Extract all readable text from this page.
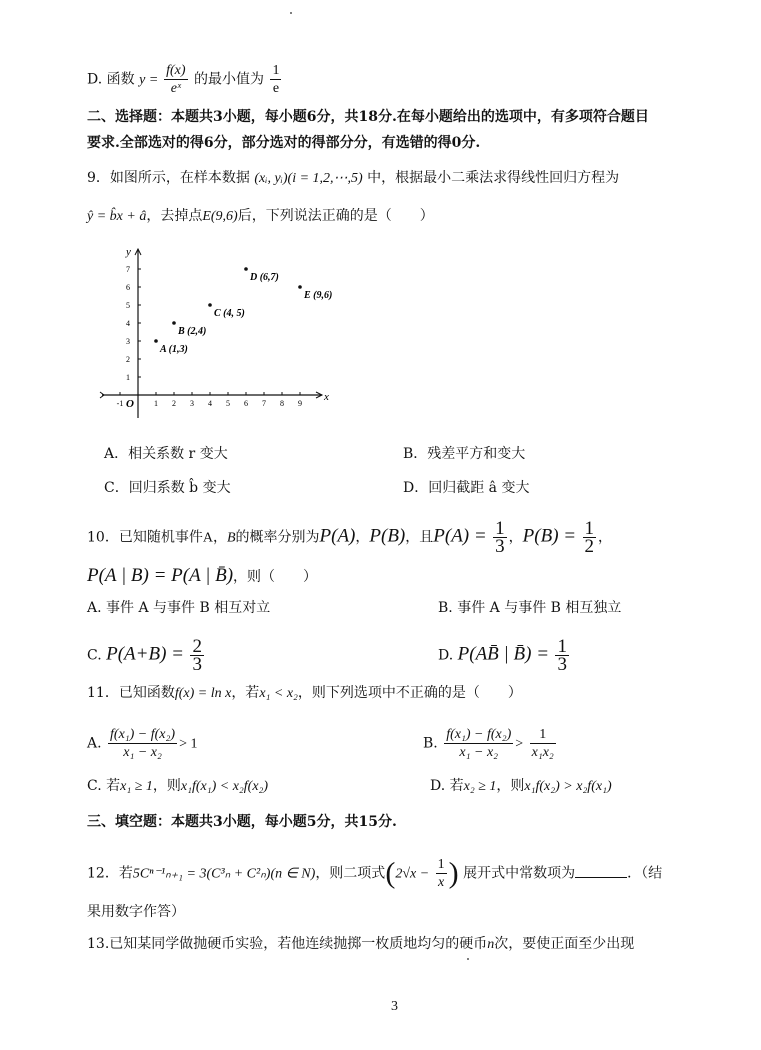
D. 函数 $y = \frac{f(x)}{\text{eˣ}}$ 的最小值为 $\frac{1}{e}$
二、选择题：本题共3小题，每小题6分，共18分.在每小题给出的选项中，有多项符合题目
要求.全部选对的得6分，部分选对的得部分分，有选错的得0分.
9．如图所示，在样本数据 (xᵢ, yᵢ)(i = 1,2,⋯,5) 中，根据最小二乘法求得线性回归方程为
ŷ = b̂x + â，去掉点E(9,6)后，下列说法正确的是（　　）
x
y
O
-1	1 2 3 4 5 6 7 8 9
1
2
3
4
5
6
7
A (1,3)
B (2,4)
C (4, 5)
D (6,7)
E (9,6)
A．相关系数 r 变大	B．残差平方和变大
C．回归系数 b̂ 变大	D．回归截距 â 变大
10．已知随机事件A，B的概率分别为P(A)，P(B)，且$P(A) = \frac{1}{3}$ ，$P(B) = \frac{1}{2}$ ，
P(A | B) = P(A | B̄)，则（　　）
A. 事件 A 与事件 B 相互对立	B. 事件 A 与事件 B 相互独立
C. $P(A+B) = \frac{2}{3}$	D. P(AB̄ | B̄) = $\frac{1}{3}$
11．已知函数f(x) = ln x，若x₁ < x₂，则下列选项中不正确的是（　　）
A. $\frac{\text{f(x₁) − f(x₂)}}{\text{x₁ − x₂}} > 1$	B. $\frac{\text{f(x₁) − f(x₂)}}{\text{x₁ − x₂}} > \frac{1}{\text{x₁x₂}}$
C. 若x₁ ≥ 1，则x₁f(x₁) < x₂f(x₂)	D. 若x₂ ≥ 1，则x₁f(x₂) > x₂f(x₁)
三、填空题：本题共3小题，每小题5分，共15分.
12．若5Cⁿ⁻¹ₙ₊₁ = 3(C³ₙ + C²ₙ)(n ∈ N)，则二项式($2√x - \frac{1}{x}$ ) 展开式中常数项为	．（结
果用数字作答）
13.已知某同学做抛硬币实验，若他连续抛掷一枚质地均匀的硬币n次，要使正面至少出现
3
